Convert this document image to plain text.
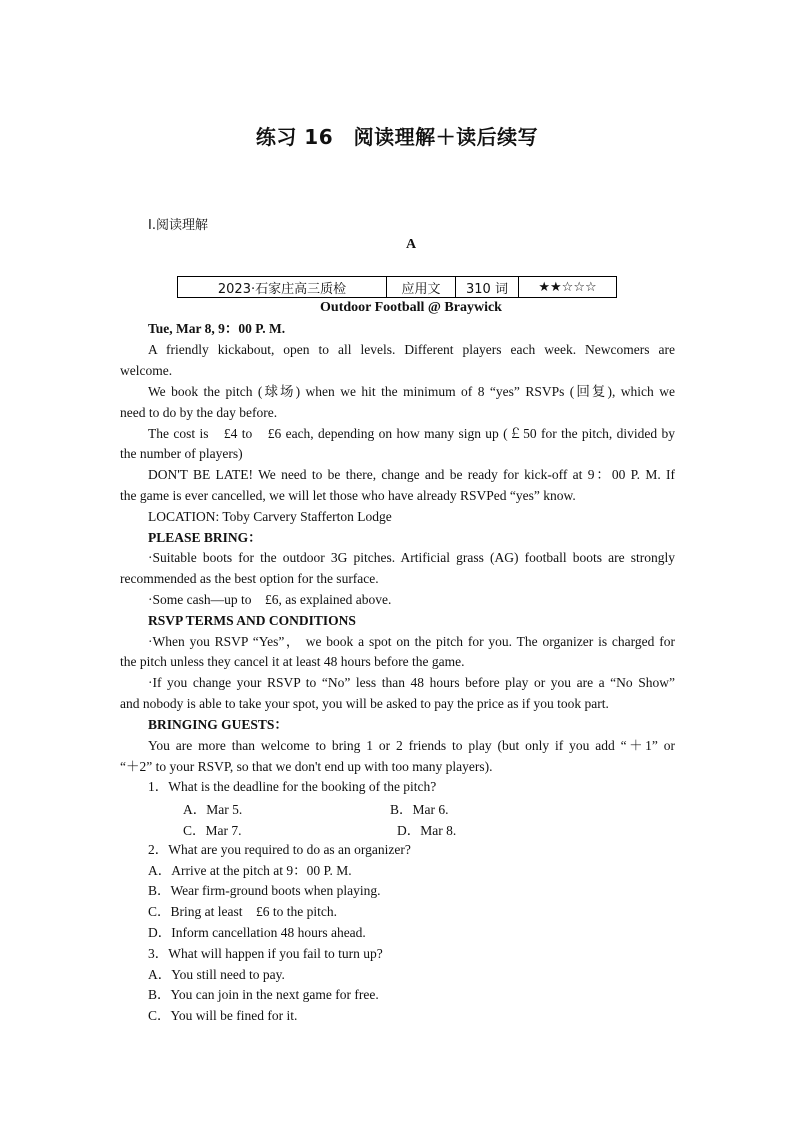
练习 16　阅读理解＋读后续写
Ⅰ.阅读理解
A
2023·石家庄高三质检	应用文	310 词	★★☆☆☆
Outdoor Football @ Braywick
Tue, Mar 8, 9：00 P. M.
A friendly kickabout, open to all levels. Different players each week. Newcomers are
welcome.
We book the pitch (球场) when we hit the minimum of 8 “yes” RSVPs (回复), which we
need to do by the day before.
The cost is　£4 to　£6 each, depending on how many sign up (￡50 for the pitch, divided by
the number of players)
DON'T BE LATE! We need to be there, change and be ready for kick-off at 9：00 P. M. If
the game is ever cancelled, we will let those who have already RSVPed “yes” know.
LOCATION: Toby Carvery Stafferton Lodge
PLEASE BRING：
·Suitable boots for the outdoor 3G pitches. Artificial grass (AG) football boots are strongly
recommended as the best option for the surface.
·Some cash—up to　£6, as explained above.
RSVP TERMS AND CONDITIONS
·When you RSVP “Yes”， we book a spot on the pitch for you. The organizer is charged for
the pitch unless they cancel it at least 48 hours before the game.
·If you change your RSVP to “No” less than 48 hours before play or you are a “No Show”
and nobody is able to take your spot, you will be asked to pay the price as if you took part.
BRINGING GUESTS：
You are more than welcome to bring 1 or 2 friends to play (but only if you add “＋1” or
“＋2” to your RSVP, so that we don't end up with too many players).
1．What is the deadline for the booking of the pitch?
A．Mar 5.	B．Mar 6.
C．Mar 7.	D．Mar 8.
2．What are you required to do as an organizer?
A．Arrive at the pitch at 9：00 P. M.
B．Wear firm-ground boots when playing.
C．Bring at least　£6 to the pitch.
D．Inform cancellation 48 hours ahead.
3．What will happen if you fail to turn up?
A．You still need to pay.
B．You can join in the next game for free.
C．You will be fined for it.
